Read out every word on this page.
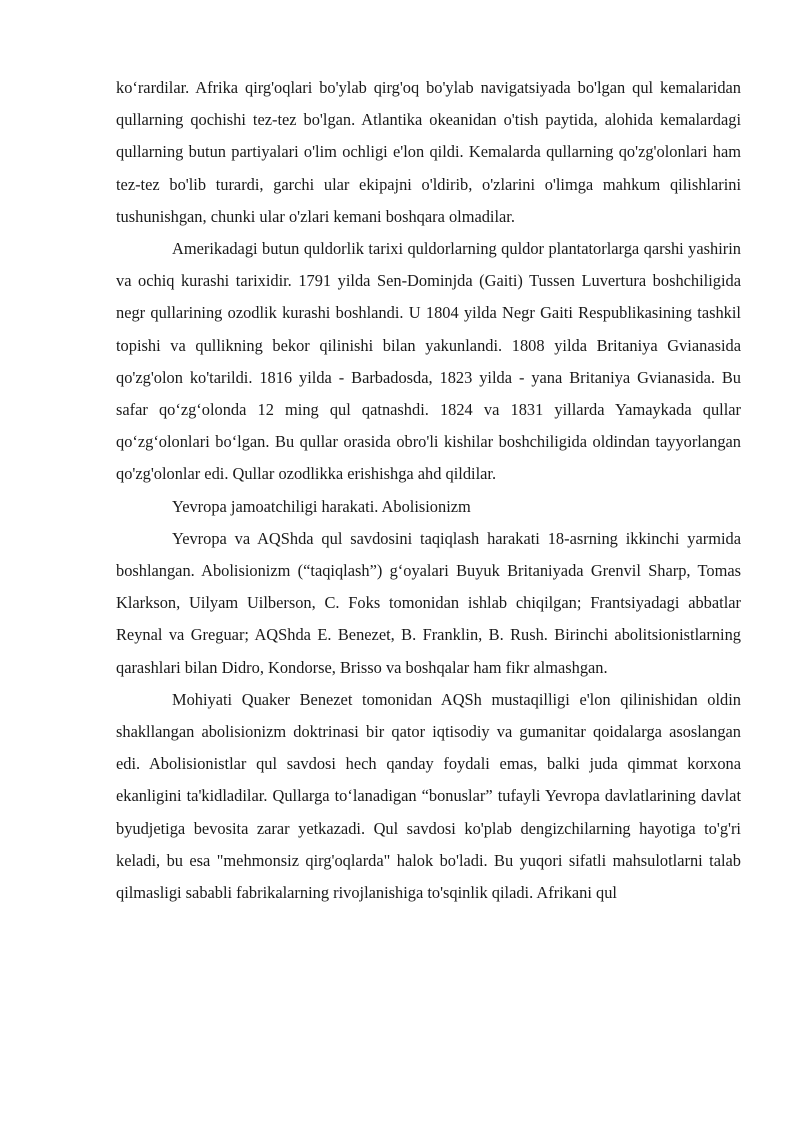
ko‘rardilar. Afrika qirg'oqlari bo'ylab qirg'oq bo'ylab navigatsiyada bo'lgan qul kemalaridan qullarning qochishi tez-tez bo'lgan. Atlantika okeanidan o'tish paytida, alohida kemalardagi qullarning butun partiyalari o'lim ochligi e'lon qildi. Kemalarda qullarning qo'zg'olonlari ham tez-tez bo'lib turardi, garchi ular ekipajni o'ldirib, o'zlarini o'limga mahkum qilishlarini tushunishgan, chunki ular o'zlari kemani boshqara olmadilar.

Amerikadagi butun quldorlik tarixi quldorlarning quldor plantatorlarga qarshi yashirin va ochiq kurashi tarixidir. 1791 yilda Sen-Dominjda (Gaiti) Tussen Luvertura boshchiligida negr qullarining ozodlik kurashi boshlandi. U 1804 yilda Negr Gaiti Respublikasining tashkil topishi va qullikning bekor qilinishi bilan yakunlandi. 1808 yilda Britaniya Gvianasida qo'zg'olon ko'tarildi. 1816 yilda - Barbadosda, 1823 yilda - yana Britaniya Gvianasida. Bu safar qo‘zg‘olonda 12 ming qul qatnashdi. 1824 va 1831 yillarda Yamaykada qullar qo‘zg‘olonlari bo‘lgan. Bu qullar orasida obro'li kishilar boshchiligida oldindan tayyorlangan qo'zg'olonlar edi. Qullar ozodlikka erishishga ahd qildilar.

Yevropa jamoatchiligi harakati. Abolisionizm

Yevropa va AQShda qul savdosini taqiqlash harakati 18-asrning ikkinchi yarmida boshlangan. Abolisionizm (“taqiqlash”) g‘oyalari Buyuk Britaniyada Grenvil Sharp, Tomas Klarkson, Uilyam Uilberson, C. Foks tomonidan ishlab chiqilgan; Frantsiyadagi abbatlar Reynal va Greguar; AQShda E. Benezet, B. Franklin, B. Rush. Birinchi abolitsionistlarning qarashlari bilan Didro, Kondorse, Brisso va boshqalar ham fikr almashgan.

Mohiyati Quaker Benezet tomonidan AQSh mustaqilligi e'lon qilinishidan oldin shakllangan abolisionizm doktrinasi bir qator iqtisodiy va gumanitar qoidalarga asoslangan edi. Abolisionistlar qul savdosi hech qanday foydali emas, balki juda qimmat korxona ekanligini ta'kidladilar. Qullarga to‘lanadigan “bonuslar” tufayli Yevropa davlatlarining davlat byudjetiga bevosita zarar yetkazadi. Qul savdosi ko'plab dengizchilarning hayotiga to'g'ri keladi, bu esa "mehmonsiz qirg'oqlarda" halok bo'ladi. Bu yuqori sifatli mahsulotlarni talab qilmasligi sababli fabrikalarning rivojlanishiga to'sqinlik qiladi. Afrikani qul
